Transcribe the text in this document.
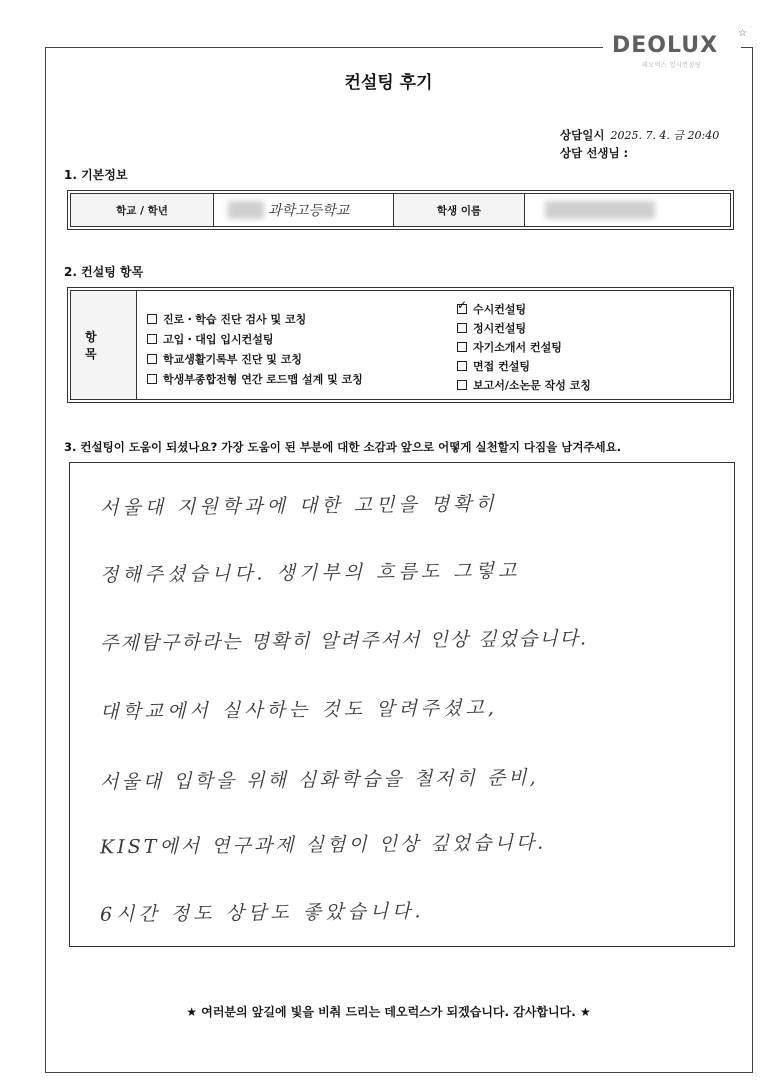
DEOLUX ☆
데오럭스 입시컨설팅
컨설팅 후기
상담일시 2025. 7. 4. 금 20:40
상담 선생님 :
1. 기본정보
학교 / 학년	과학고등학교	학생 이름
2. 컨설팅 항목
항 목
진로・학습 진단 검사 및 코칭
고입・대입 입시컨설팅
학교생활기록부 진단 및 코칭
학생부종합전형 연간 로드맵 설계 및 코칭
✓수시컨설팅
정시컨설팅
자기소개서 컨설팅
면접 컨설팅
보고서/소논문 작성 코칭
3. 컨설팅이 도움이 되셨나요? 가장 도움이 된 부분에 대한 소감과 앞으로 어떻게 실천할지 다짐을 남겨주세요.
서울대 지원학과에 대한 고민을 명확히
정해주셨습니다. 생기부의 흐름도 그렇고
주제탐구하라는 명확히 알려주셔서 인상 깊었습니다.
대학교에서 실사하는 것도 알려주셨고,
서울대 입학을 위해 심화학습을 철저히 준비,
KIST에서 연구과제 실험이 인상 깊었습니다.
6시간 정도 상담도 좋았습니다.
★ 여러분의 앞길에 빛을 비춰 드리는 데오럭스가 되겠습니다. 감사합니다. ★
